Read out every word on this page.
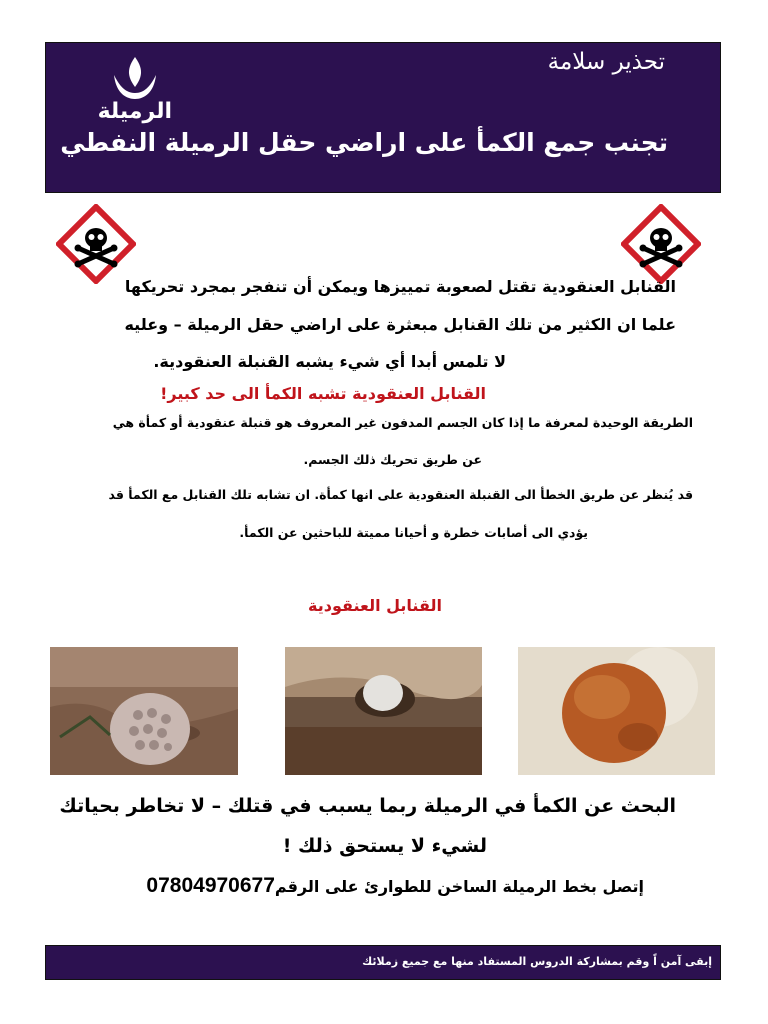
الرميلة
تحذير سلامة
تجنب جمع الكمأ على اراضي حقل الرميلة النفطي
القنابل العنقودية تقتل لصعوبة تمييزها ويمكن أن تنفجر بمجرد تحريكها
علما ان الكثير من تلك القنابل مبعثرة على اراضي حقل الرميلة – وعليه
لا تلمس أبدا أي شيء يشبه القنبلة العنقودية.
القنابل العنقودية تشبه الكمأ الى حد كبير!
الطريقة الوحيدة لمعرفة ما إذا كان الجسم المدفون غير المعروف هو قنبلة عنقودية أو كمأة هي
عن طريق تحريك ذلك الجسم.
قد يُنظر عن طريق الخطأ الى القنبلة العنقودية على انها كمأة. ان تشابه تلك القنابل مع الكمأ قد
يؤدي الى أصابات خطرة و أحيانا مميتة للباحثين عن الكمأ.
القنابل العنقودية
البحث عن الكمأ في الرميلة ربما يسبب في قتلك – لا تخاطر بحياتك
لشيء لا يستحق ذلك !
إتصل بخط الرميلة الساخن للطوارئ على الرقم07804970677
إبقى آمن اً وقم بمشاركة الدروس المستفاد منها مع جميع زملائك
